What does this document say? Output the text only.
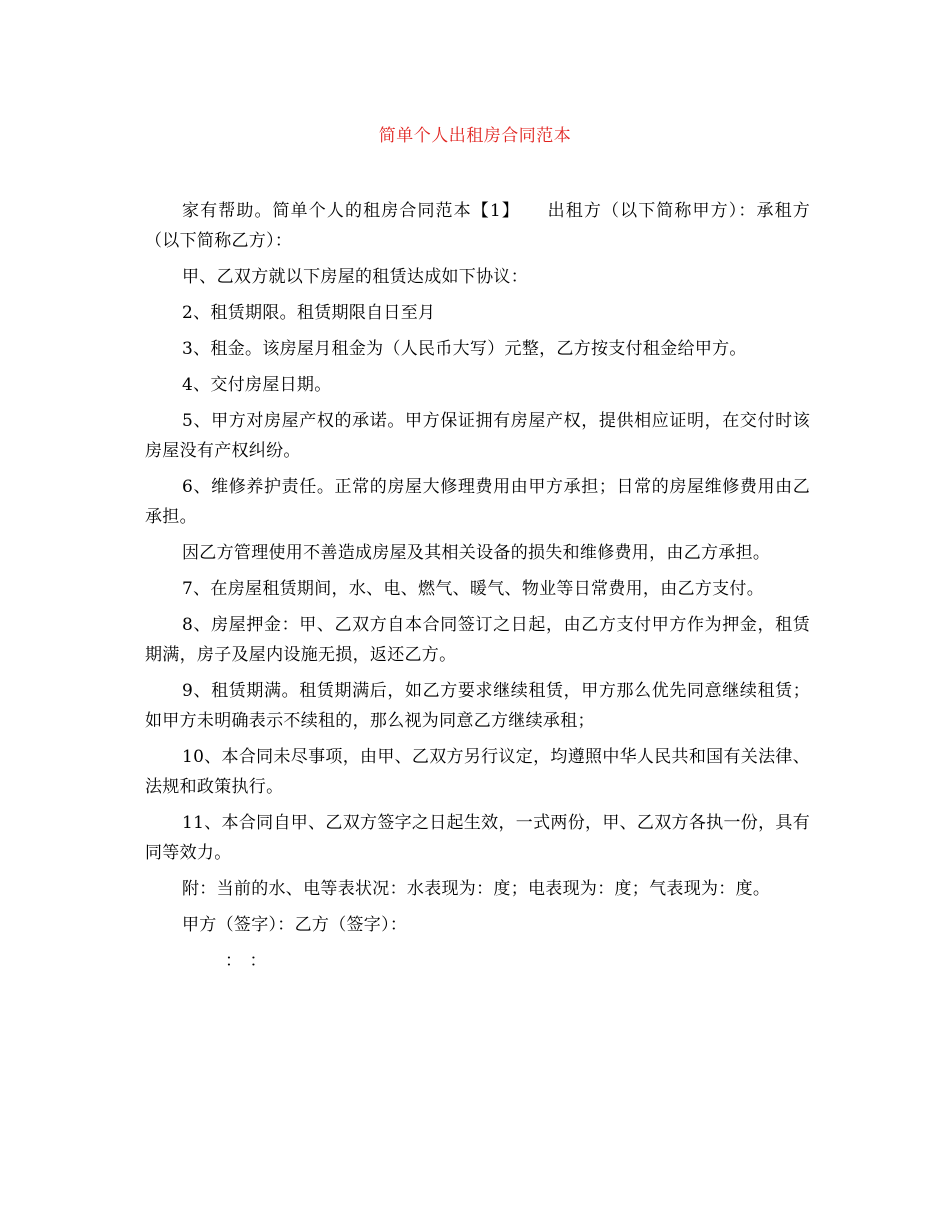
简单个人出租房合同范本

家有帮助。简单个人的租房合同范本【1】　　出租方（以下简称甲方）：承租方（以下简称乙方）：

甲、乙双方就以下房屋的租赁达成如下协议：

2、租赁期限。租赁期限自日至月

3、租金。该房屋月租金为（人民币大写）元整，乙方按支付租金给甲方。

4、交付房屋日期。

5、甲方对房屋产权的承诺。甲方保证拥有房屋产权，提供相应证明，在交付时该房屋没有产权纠纷。

6、维修养护责任。正常的房屋大修理费用由甲方承担；日常的房屋维修费用由乙承担。

因乙方管理使用不善造成房屋及其相关设备的损失和维修费用，由乙方承担。

7、在房屋租赁期间，水、电、燃气、暖气、物业等日常费用，由乙方支付。

8、房屋押金：甲、乙双方自本合同签订之日起，由乙方支付甲方作为押金，租赁期满，房子及屋内设施无损，返还乙方。

9、租赁期满。租赁期满后，如乙方要求继续租赁，甲方那么优先同意继续租赁；如甲方未明确表示不续租的，那么视为同意乙方继续承租；

10、本合同未尽事项，由甲、乙双方另行议定，均遵照中华人民共和国有关法律、法规和政策执行。

11、本合同自甲、乙双方签字之日起生效，一式两份，甲、乙双方各执一份，具有同等效力。

附：当前的水、电等表状况：水表现为：度；电表现为：度；气表现为：度。

甲方（签字）：乙方（签字）：

：：
